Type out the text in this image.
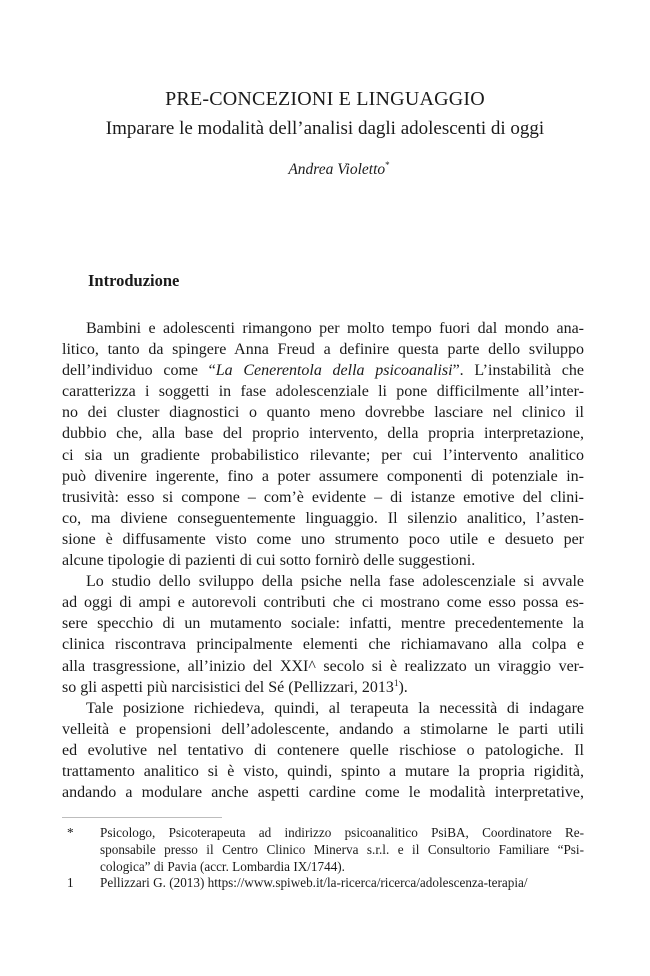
PRE-CONCEZIONI E LINGUAGGIO
Imparare le modalità dell’analisi dagli adolescenti di oggi
Andrea Violetto*
Introduzione
Bambini e adolescenti rimangono per molto tempo fuori dal mondo ana-
litico, tanto da spingere Anna Freud a definire questa parte dello sviluppo
dell’individuo come “La Cenerentola della psicoanalisi”. L’instabilità che
caratterizza i soggetti in fase adolescenziale li pone difficilmente all’inter-
no dei cluster diagnostici o quanto meno dovrebbe lasciare nel clinico il
dubbio che, alla base del proprio intervento, della propria interpretazione,
ci sia un gradiente probabilistico rilevante; per cui l’intervento analitico
può divenire ingerente, fino a poter assumere componenti di potenziale in-
trusività: esso si compone – com’è evidente – di istanze emotive del clini-
co, ma diviene conseguentemente linguaggio. Il silenzio analitico, l’asten-
sione è diffusamente visto come uno strumento poco utile e desueto per
alcune tipologie di pazienti di cui sotto fornirò delle suggestioni.
Lo studio dello sviluppo della psiche nella fase adolescenziale si avvale
ad oggi di ampi e autorevoli contributi che ci mostrano come esso possa es-
sere specchio di un mutamento sociale: infatti, mentre precedentemente la
clinica riscontrava principalmente elementi che richiamavano alla colpa e
alla trasgressione, all’inizio del XXI^ secolo si è realizzato un viraggio ver-
so gli aspetti più narcisistici del Sé (Pellizzari, 2013$^1$).
Tale posizione richiedeva, quindi, al terapeuta la necessità di indagare
velleità e propensioni dell’adolescente, andando a stimolarne le parti utili
ed evolutive nel tentativo di contenere quelle rischiose o patologiche. Il
trattamento analitico si è visto, quindi, spinto a mutare la propria rigidità,
andando a modulare anche aspetti cardine come le modalità interpretative,
* Psicologo, Psicoterapeuta ad indirizzo psicoanalitico PsiBA, Coordinatore Re-
sponsabile presso il Centro Clinico Minerva s.r.l. e il Consultorio Familiare “Psi-
cologica” di Pavia (accr. Lombardia IX/1744).
1 Pellizzari G. (2013) https://www.spiweb.it/la-ricerca/ricerca/adolescenza-terapia/
